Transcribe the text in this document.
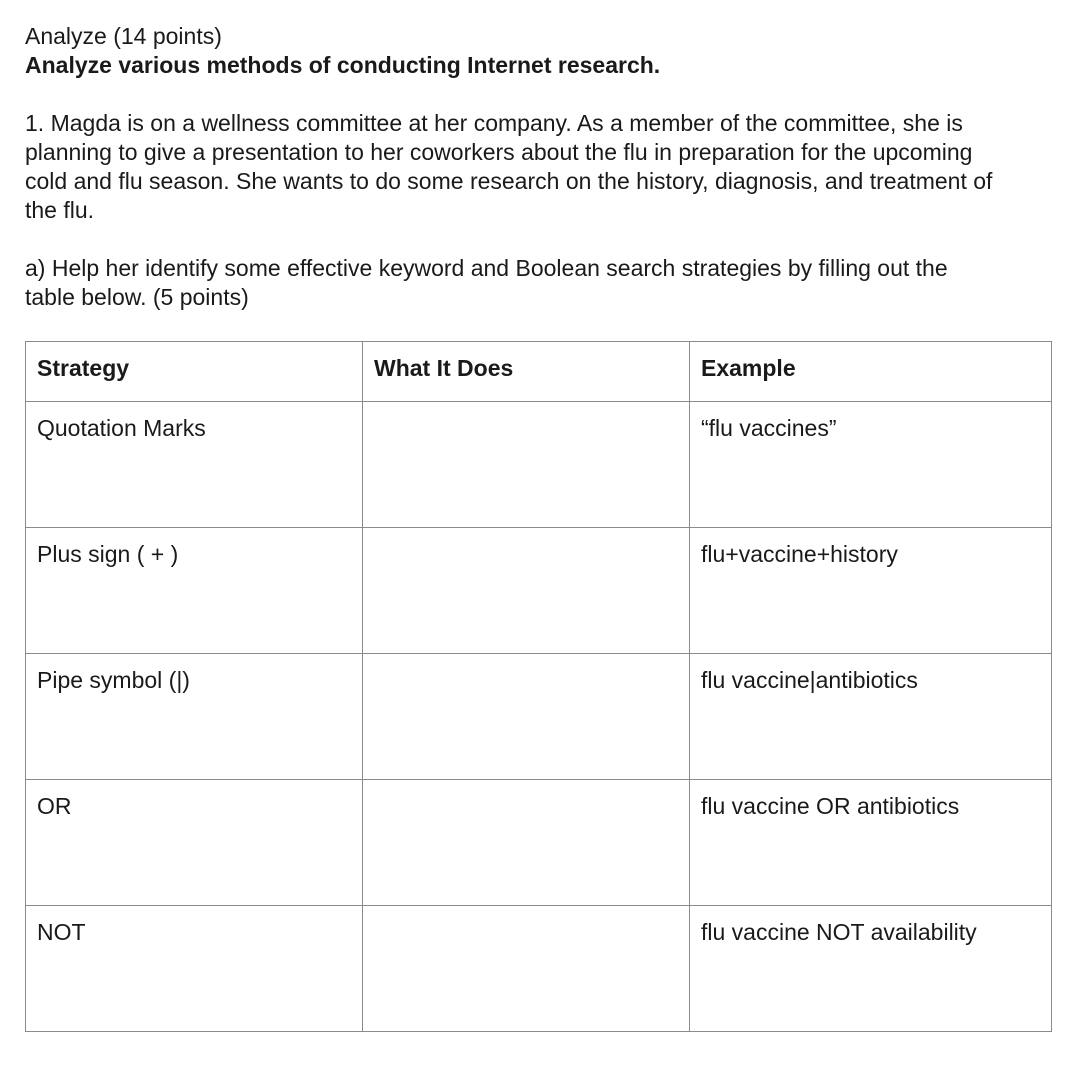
Analyze (14 points)
Analyze various methods of conducting Internet research.
1. Magda is on a wellness committee at her company. As a member of the committee, she is
planning to give a presentation to her coworkers about the flu in preparation for the upcoming
cold and flu season. She wants to do some research on the history, diagnosis, and treatment of
the flu.
a) Help her identify some effective keyword and Boolean search strategies by filling out the
table below. (5 points)
Strategy	What It Does	Example
Quotation Marks		“flu vaccines”
Plus sign ( + )		flu+vaccine+history
Pipe symbol (|)		flu vaccine|antibiotics
OR		flu vaccine OR antibiotics
NOT		flu vaccine NOT availability
